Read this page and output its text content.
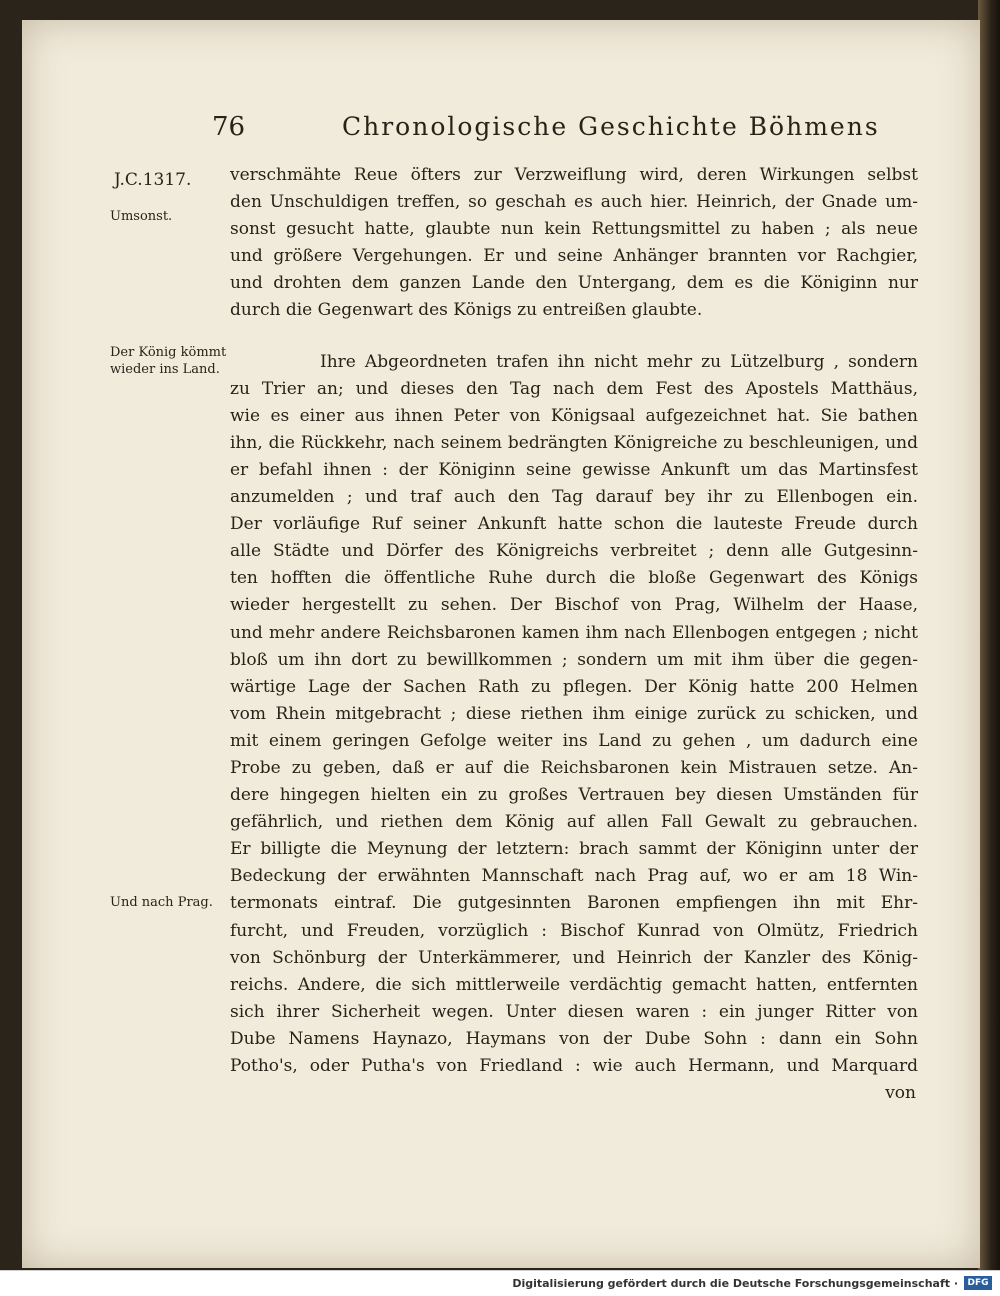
76	Chronologische Geschichte Böhmens
J.C.1317.
Umsonst.
Der König kömmt wieder ins Land.
Und nach Prag.
verschmähte Reue öfters zur Verzweiflung wird, deren Wirkungen selbst
den Unschuldigen treffen, so geschah es auch hier. Heinrich, der Gnade um-
sonst gesucht hatte, glaubte nun kein Rettungsmittel zu haben ; als neue
und größere Vergehungen. Er und seine Anhänger brannten vor Rachgier,
und drohten dem ganzen Lande den Untergang, dem es die Königinn nur
durch die Gegenwart des Königs zu entreißen glaubte.
Ihre Abgeordneten trafen ihn nicht mehr zu Lützelburg , sondern
zu Trier an; und dieses den Tag nach dem Fest des Apostels Matthäus,
wie es einer aus ihnen Peter von Königsaal aufgezeichnet hat. Sie bathen
ihn, die Rückkehr, nach seinem bedrängten Königreiche zu beschleunigen, und
er befahl ihnen : der Königinn seine gewisse Ankunft um das Martinsfest
anzumelden ; und traf auch den Tag darauf bey ihr zu Ellenbogen ein.
Der vorläufige Ruf seiner Ankunft hatte schon die lauteste Freude durch
alle Städte und Dörfer des Königreichs verbreitet ; denn alle Gutgesinn-
ten hofften die öffentliche Ruhe durch die bloße Gegenwart des Königs
wieder hergestellt zu sehen. Der Bischof von Prag, Wilhelm der Haase,
und mehr andere Reichsbaronen kamen ihm nach Ellenbogen entgegen ; nicht
bloß um ihn dort zu bewillkommen ; sondern um mit ihm über die gegen-
wärtige Lage der Sachen Rath zu pflegen. Der König hatte 200 Helmen
vom Rhein mitgebracht ; diese riethen ihm einige zurück zu schicken, und
mit einem geringen Gefolge weiter ins Land zu gehen , um dadurch eine
Probe zu geben, daß er auf die Reichsbaronen kein Mistrauen setze. An-
dere hingegen hielten ein zu großes Vertrauen bey diesen Umständen für
gefährlich, und riethen dem König auf allen Fall Gewalt zu gebrauchen.
Er billigte die Meynung der letztern: brach sammt der Königinn unter der
Bedeckung der erwähnten Mannschaft nach Prag auf, wo er am 18 Win-
termonats eintraf. Die gutgesinnten Baronen empfiengen ihn mit Ehr-
furcht, und Freuden, vorzüglich : Bischof Kunrad von Olmütz, Friedrich
von Schönburg der Unterkämmerer, und Heinrich der Kanzler des König-
reichs. Andere, die sich mittlerweile verdächtig gemacht hatten, entfernten
sich ihrer Sicherheit wegen. Unter diesen waren : ein junger Ritter von
Dube Namens Haynazo, Haymans von der Dube Sohn : dann ein Sohn
Potho's, oder Putha's von Friedland : wie auch Hermann, und Marquard
von
Digitalisierung gefördert durch die Deutsche Forschungsgemeinschaft ·	DFG
